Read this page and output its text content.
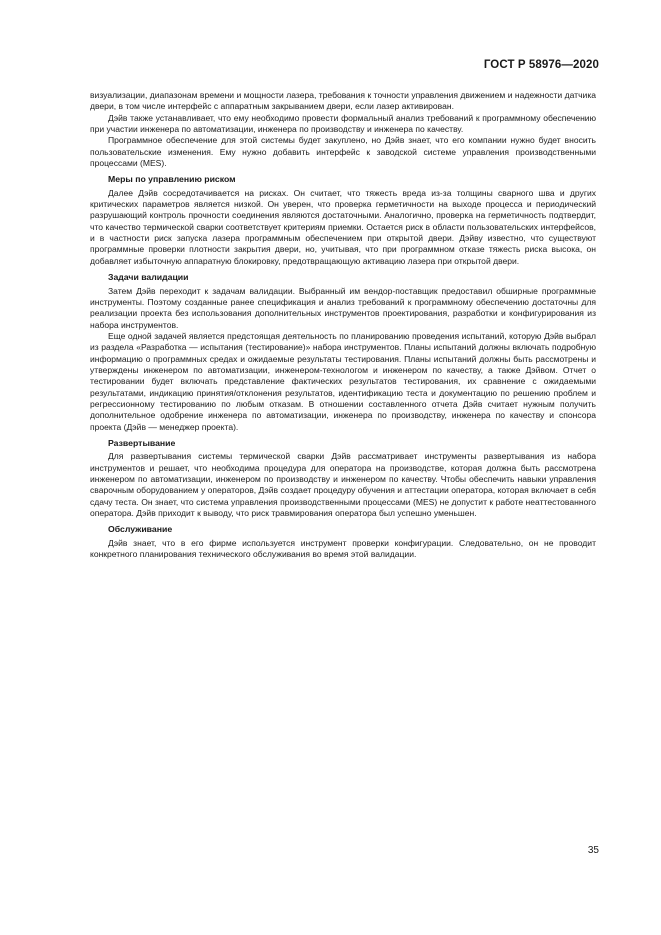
ГОСТ Р 58976—2020

визуализации, диапазонам времени и мощности лазера, требования к точности управления движением и надежности датчика двери, в том числе интерфейс с аппаратным закрыванием двери, если лазер активирован.

Дэйв также устанавливает, что ему необходимо провести формальный анализ требований к программному обеспечению при участии инженера по автоматизации, инженера по производству и инженера по качеству.

Программное обеспечение для этой системы будет закуплено, но Дэйв знает, что его компании нужно будет вносить пользовательские изменения. Ему нужно добавить интерфейс к заводской системе управления производственными процессами (MES).

Меры по управлению риском

Далее Дэйв сосредотачивается на рисках. Он считает, что тяжесть вреда из-за толщины сварного шва и других критических параметров является низкой. Он уверен, что проверка герметичности на выходе процесса и периодический разрушающий контроль прочности соединения являются достаточными. Аналогично, проверка на герметичность подтвердит, что качество термической сварки соответствует критериям приемки. Остается риск в области пользовательских интерфейсов, и в частности риск запуска лазера программным обеспечением при открытой двери. Дэйву известно, что существуют программные проверки плотности закрытия двери, но, учитывая, что при программном отказе тяжесть риска высока, он добавляет избыточную аппаратную блокировку, предотвращающую активацию лазера при открытой двери.

Задачи валидации

Затем Дэйв переходит к задачам валидации. Выбранный им вендор-поставщик предоставил обширные программные инструменты. Поэтому созданные ранее спецификация и анализ требований к программному обеспечению достаточны для реализации проекта без использования дополнительных инструментов проектирования, разработки и конфигурирования из набора инструментов.

Еще одной задачей является предстоящая деятельность по планированию проведения испытаний, которую Дэйв выбрал из раздела «Разработка — испытания (тестирование)» набора инструментов. Планы испытаний должны включать подробную информацию о программных средах и ожидаемые результаты тестирования. Планы испытаний должны быть рассмотрены и утверждены инженером по автоматизации, инженером-технологом и инженером по качеству, а также Дэйвом. Отчет о тестировании будет включать представление фактических результатов тестирования, их сравнение с ожидаемыми результатами, индикацию принятия/отклонения результатов, идентификацию теста и документацию по решению проблем и регрессионному тестированию по любым отказам. В отношении составленного отчета Дэйв считает нужным получить дополнительное одобрение инженера по автоматизации, инженера по производству, инженера по качеству и спонсора проекта (Дэйв — менеджер проекта).

Развертывание

Для развертывания системы термической сварки Дэйв рассматривает инструменты развертывания из набора инструментов и решает, что необходима процедура для оператора на производстве, которая должна быть рассмотрена инженером по автоматизации, инженером по производству и инженером по качеству. Чтобы обеспечить навыки управления сварочным оборудованием у операторов, Дэйв создает процедуру обучения и аттестации оператора, которая включает в себя сдачу теста. Он знает, что система управления производственными процессами (MES) не допустит к работе неаттестованного оператора. Дэйв приходит к выводу, что риск травмирования оператора был успешно уменьшен.

Обслуживание

Дэйв знает, что в его фирме используется инструмент проверки конфигурации. Следовательно, он не проводит конкретного планирования технического обслуживания во время этой валидации.

35
